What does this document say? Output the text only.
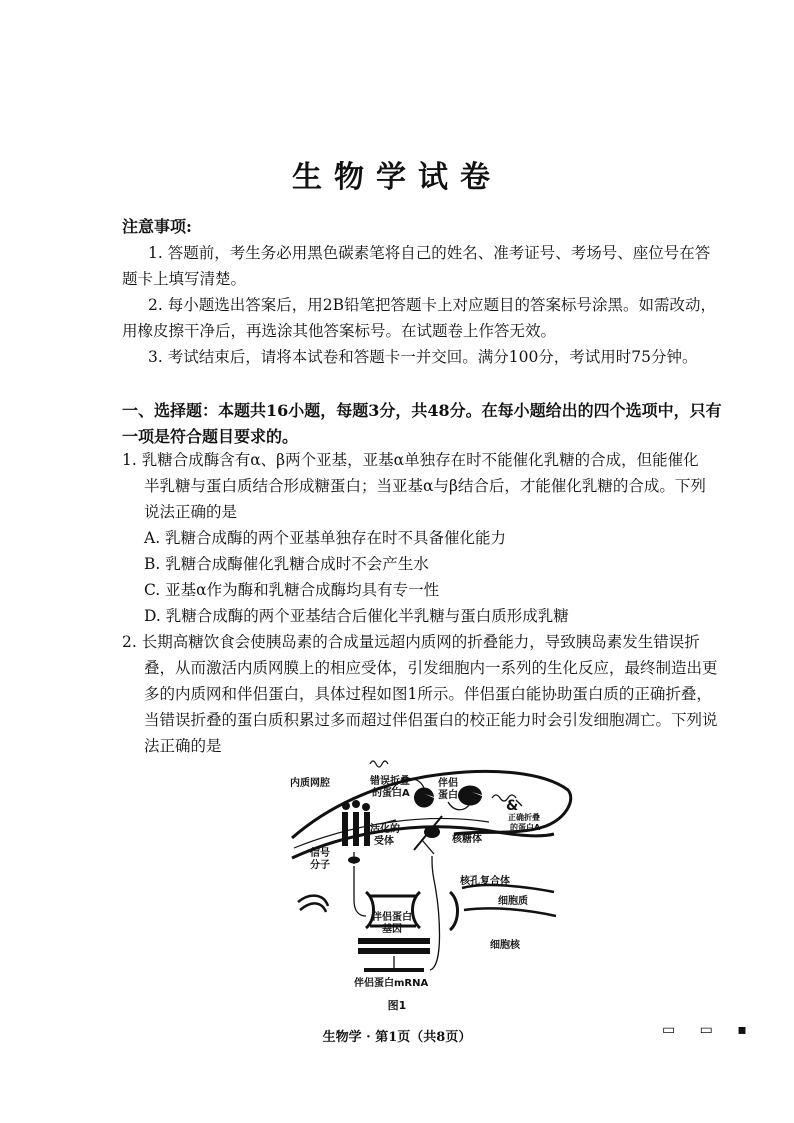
生物学试卷
注意事项:
1. 答题前，考生务必用黑色碳素笔将自己的姓名、准考证号、考场号、座位号在答
题卡上填写清楚。
2. 每小题选出答案后，用2B铅笔把答题卡上对应题目的答案标号涂黑。如需改动，
用橡皮擦干净后，再选涂其他答案标号。在试题卷上作答无效。
3. 考试结束后，请将本试卷和答题卡一并交回。满分100分，考试用时75分钟。
一、选择题：本题共16小题，每题3分，共48分。在每小题给出的四个选项中，只有
一项是符合题目要求的。
1. 乳糖合成酶含有α、β两个亚基，亚基α单独存在时不能催化乳糖的合成，但能催化
半乳糖与蛋白质结合形成糖蛋白；当亚基α与β结合后，才能催化乳糖的合成。下列
说法正确的是
A. 乳糖合成酶的两个亚基单独存在时不具备催化能力
B. 乳糖合成酶催化乳糖合成时不会产生水
C. 亚基α作为酶和乳糖合成酶均具有专一性
D. 乳糖合成酶的两个亚基结合后催化半乳糖与蛋白质形成乳糖
2. 长期高糖饮食会使胰岛素的合成量远超内质网的折叠能力，导致胰岛素发生错误折
叠，从而激活内质网膜上的相应受体，引发细胞内一系列的生化反应，最终制造出更
多的内质网和伴侣蛋白，具体过程如图1所示。伴侣蛋白能协助蛋白质的正确折叠，
当错误折叠的蛋白质积累过多而超过伴侣蛋白的校正能力时会引发细胞凋亡。下列说
法正确的是
内质网腔	错误折叠
的蛋白A
伴侣
蛋白
&
正确折叠
的蛋白A
活化的
受体	核糖体
信号
分子
核孔复合体
细胞质
伴侣蛋白
基因
细胞核
伴侣蛋白mRNA
图1
生物学 · 第1页（共8页）	▭ ▭ ▪
